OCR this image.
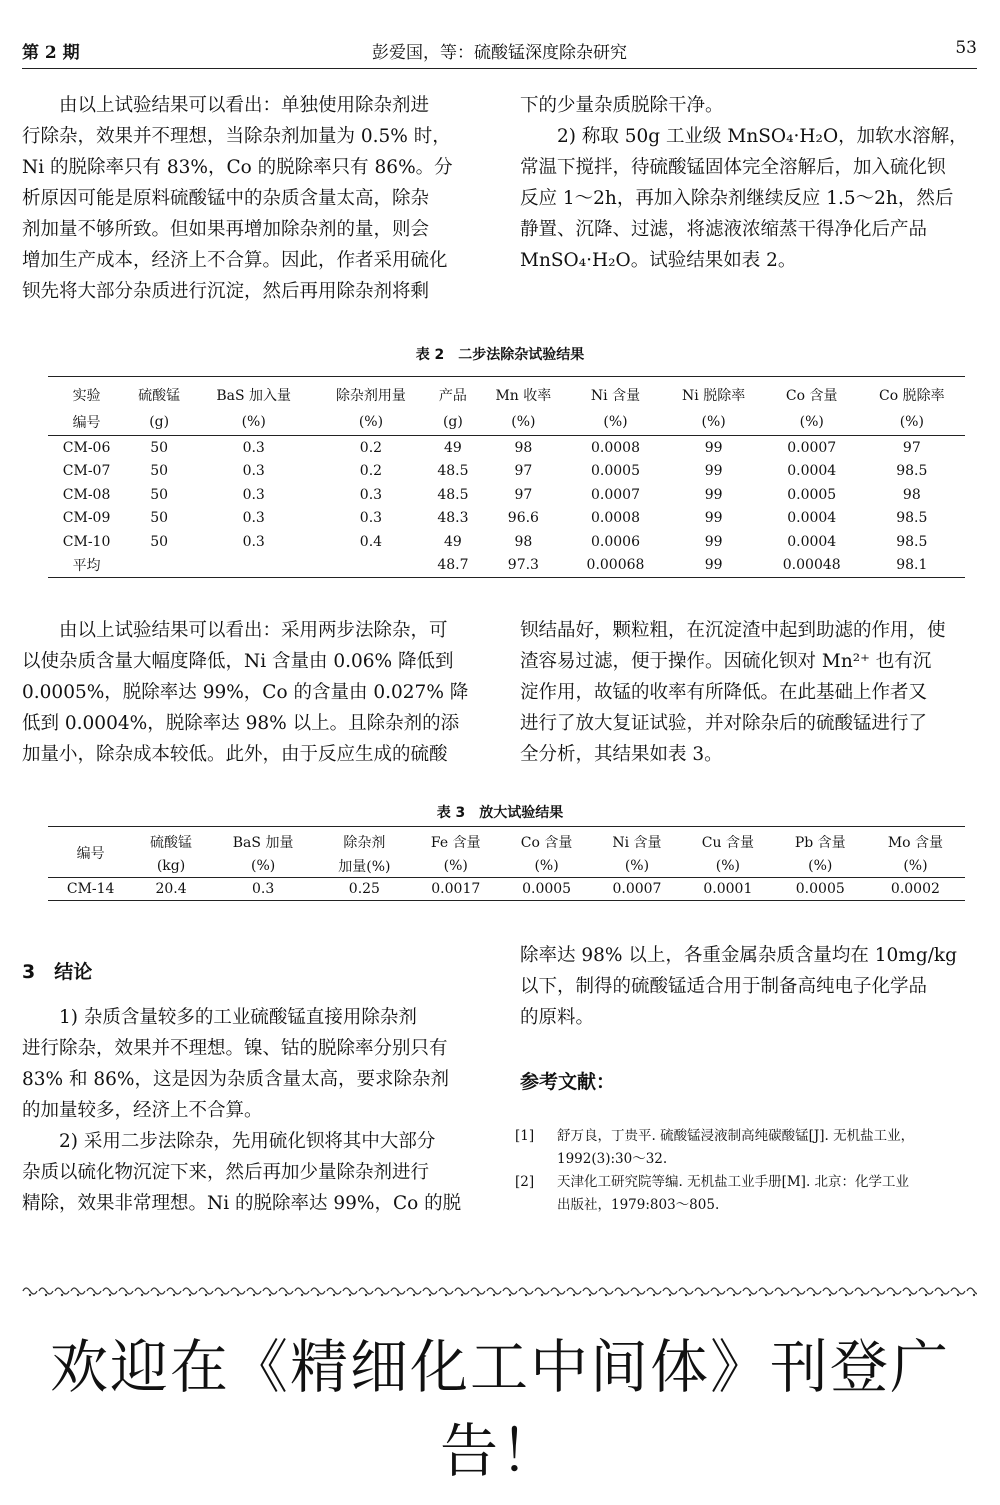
第 2 期	彭爱国，等：硫酸锰深度除杂研究	53
由以上试验结果可以看出：单独使用除杂剂进
行除杂，效果并不理想，当除杂剂加量为 0.5% 时，
Ni 的脱除率只有 83%，Co 的脱除率只有 86%。分
析原因可能是原料硫酸锰中的杂质含量太高，除杂
剂加量不够所致。但如果再增加除杂剂的量，则会
增加生产成本，经济上不合算。因此，作者采用硫化
钡先将大部分杂质进行沉淀，然后再用除杂剂将剩
下的少量杂质脱除干净。
2) 称取 50g 工业级 MnSO₄·H₂O，加软水溶解，
常温下搅拌，待硫酸锰固体完全溶解后，加入硫化钡
反应 1～2h，再加入除杂剂继续反应 1.5～2h，然后
静置、沉降、过滤，将滤液浓缩蒸干得净化后产品
MnSO₄·H₂O。试验结果如表 2。
表 2　二步法除杂试验结果
实验	硫酸锰	BaS 加入量	除杂剂用量	产品	Mn 收率	Ni 含量	Ni 脱除率	Co 含量	Co 脱除率
编号	(g)	(%)	(%)	(g)	(%)	(%)	(%)	(%)	(%)
CM-06	50	0.3	0.2	49	98	0.0008	99	0.0007	97
CM-07	50	0.3	0.2	48.5	97	0.0005	99	0.0004	98.5
CM-08	50	0.3	0.3	48.5	97	0.0007	99	0.0005	98
CM-09	50	0.3	0.3	48.3	96.6	0.0008	99	0.0004	98.5
CM-10	50	0.3	0.4	49	98	0.0006	99	0.0004	98.5
平均				48.7	97.3	0.00068	99	0.00048	98.1
由以上试验结果可以看出：采用两步法除杂，可
以使杂质含量大幅度降低，Ni 含量由 0.06% 降低到
0.0005%，脱除率达 99%，Co 的含量由 0.027% 降
低到 0.0004%，脱除率达 98% 以上。且除杂剂的添
加量小，除杂成本较低。此外，由于反应生成的硫酸
钡结晶好，颗粒粗，在沉淀渣中起到助滤的作用，使
渣容易过滤，便于操作。因硫化钡对 Mn²⁺ 也有沉
淀作用，故锰的收率有所降低。在此基础上作者又
进行了放大复证试验，并对除杂后的硫酸锰进行了
全分析，其结果如表 3。
表 3　放大试验结果
编号	硫酸锰	BaS 加量	除杂剂	Fe 含量	Co 含量	Ni 含量	Cu 含量	Pb 含量	Mo 含量
	(kg)	(%)	加量(%)	(%)	(%)	(%)	(%)	(%)	(%)
CM-14	20.4	0.3	0.25	0.0017	0.0005	0.0007	0.0001	0.0005	0.0002
3　结论
1) 杂质含量较多的工业硫酸锰直接用除杂剂
进行除杂，效果并不理想。镍、钴的脱除率分别只有
83% 和 86%，这是因为杂质含量太高，要求除杂剂
的加量较多，经济上不合算。
2) 采用二步法除杂，先用硫化钡将其中大部分
杂质以硫化物沉淀下来，然后再加少量除杂剂进行
精除，效果非常理想。Ni 的脱除率达 99%，Co 的脱
除率达 98% 以上，各重金属杂质含量均在 10mg/kg
以下，制得的硫酸锰适合用于制备高纯电子化学品
的原料。
参考文献：
[1] 舒万良，丁贵平. 硫酸锰浸液制高纯碳酸锰[J]. 无机盐工业，
1992(3):30～32.
[2] 天津化工研究院等编. 无机盐工业手册[M]. 北京：化学工业
出版社，1979:803～805.
欢迎在《精细化工中间体》刊登广告！
